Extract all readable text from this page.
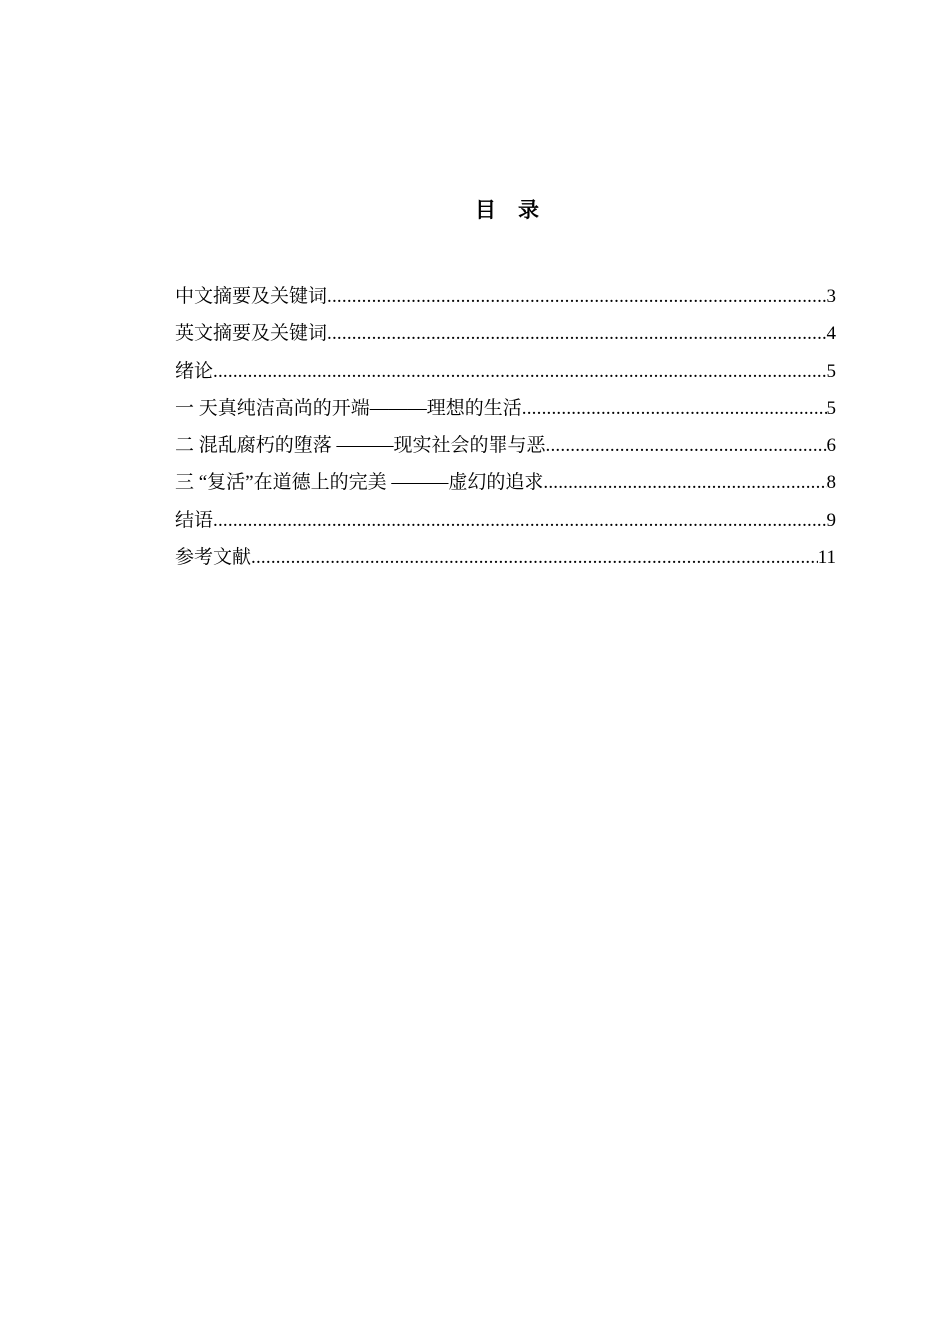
目录
中文摘要及关键词 .....	3
英文摘要及关键词 .....	4
绪论 .....	5
一 天真纯洁高尚的开端———理想的生活 .....	5
二 混乱腐朽的堕落 ———现实社会的罪与恶 .....	6
三 “复活”在道德上的完美 ———虚幻的追求 .....	8
结语 .....	9
参考文献 .....	11
